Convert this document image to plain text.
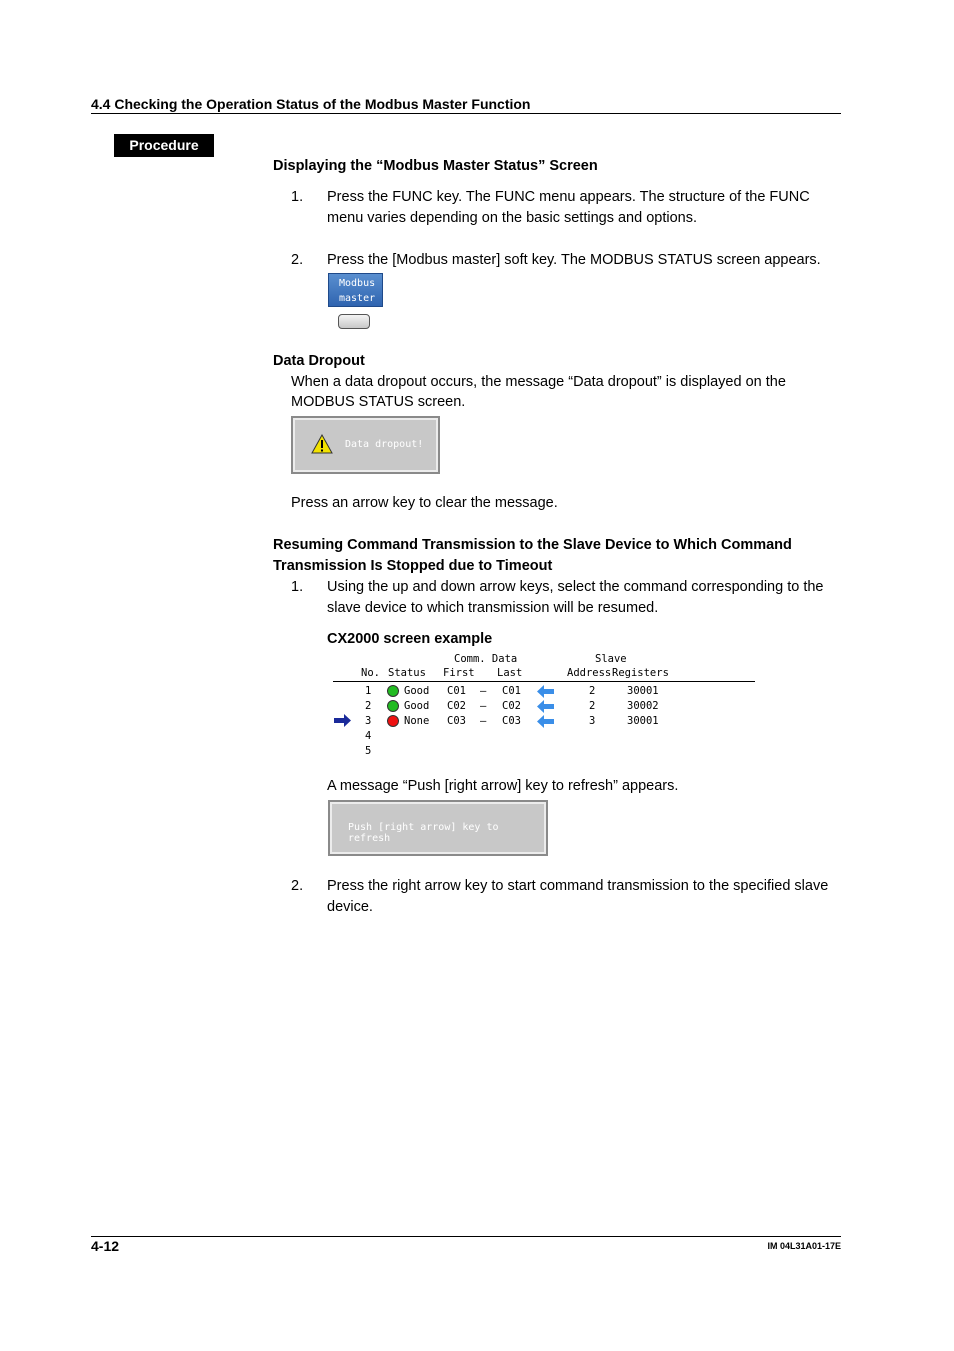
4.4 Checking the Operation Status of the Modbus Master Function
Procedure
Displaying the “Modbus Master Status” Screen
1. Press the FUNC key. The FUNC menu appears. The structure of the FUNC
menu varies depending on the basic settings and options.
2. Press the [Modbus master] soft key. The MODBUS STATUS screen appears.
Modbus
master
Data Dropout
When a data dropout occurs, the message “Data dropout” is displayed on the
MODBUS STATUS screen.
Data dropout!
Press an arrow key to clear the message.
Resuming Command Transmission to the Slave Device to Which Command
Transmission Is Stopped due to Timeout
1. Using the up and down arrow keys, select the command corresponding to the
slave device to which transmission will be resumed.
CX2000 screen example
Comm. Data	Slave
No. Status First Last	Address Registers
1	Good C01 – C01	2	30001
2	Good C02 – C02	2	30002
3	None C03 – C03	3	30001
4
5
A message “Push [right arrow] key to refresh” appears.
Push [right arrow] key to refresh
2. Press the right arrow key to start command transmission to the specified slave
device.
4-12	IM 04L31A01-17E
